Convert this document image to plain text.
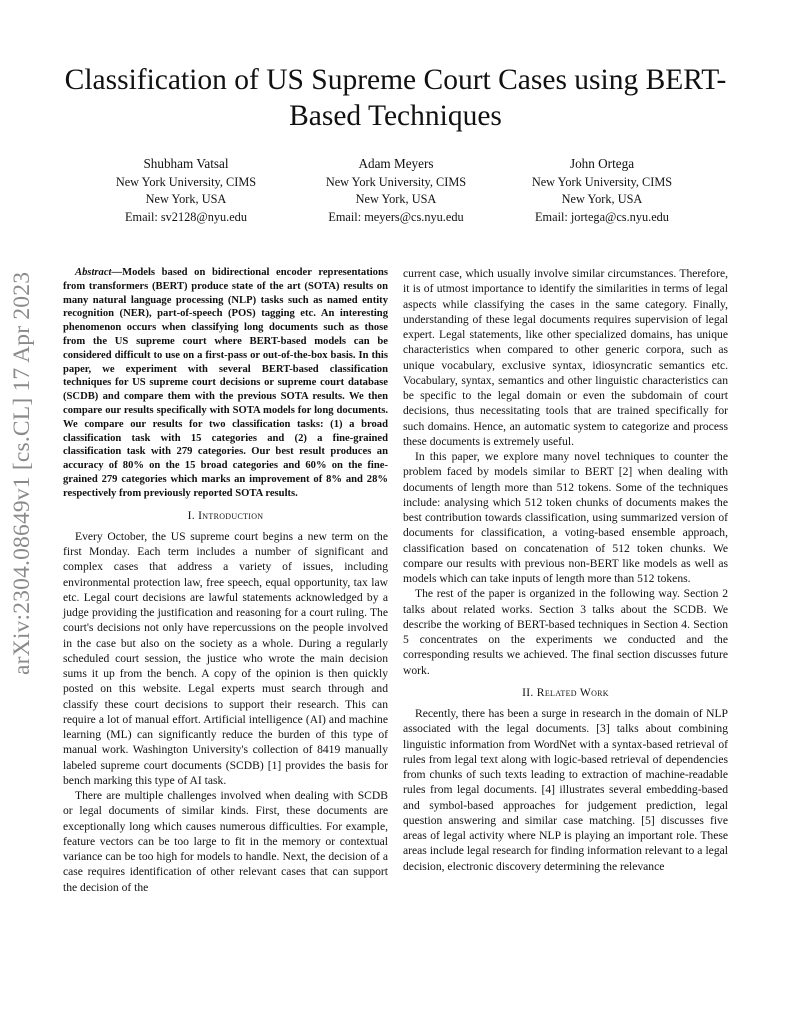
Classification of US Supreme Court Cases using BERT-Based Techniques
Shubham Vatsal
New York University, CIMS
New York, USA
Email: sv2128@nyu.edu
Adam Meyers
New York University, CIMS
New York, USA
Email: meyers@cs.nyu.edu
John Ortega
New York University, CIMS
New York, USA
Email: jortega@cs.nyu.edu
arXiv:2304.08649v1 [cs.CL] 17 Apr 2023	Abstract—Models based on bidirectional encoder representations from transformers (BERT) produce state of the art (SOTA) results on many natural language processing (NLP) tasks such as named entity recognition (NER), part-of-speech (POS) tagging etc. An interesting phenomenon occurs when classifying long documents such as those from the US supreme court where BERT-based models can be considered difficult to use on a first-pass or out-of-the-box basis. In this paper, we experiment with several BERT-based classification techniques for US supreme court decisions or supreme court database (SCDB) and compare them with the previous SOTA results. We then compare our results specifically with SOTA models for long documents. We compare our results for two classification tasks: (1) a broad classification task with 15 categories and (2) a fine-grained classification task with 279 categories. Our best result produces an accuracy of 80% on the 15 broad categories and 60% on the fine-grained 279 categories which marks an improvement of 8% and 28% respectively from previously reported SOTA results.

I. Introduction

Every October, the US supreme court begins a new term on the first Monday. Each term includes a number of significant and complex cases that address a variety of issues, including environmental protection law, free speech, equal opportunity, tax law etc. Legal court decisions are lawful statements acknowledged by a judge providing the justification and reasoning for a court ruling. The court's decisions not only have repercussions on the people involved in the case but also on the society as a whole. During a regularly scheduled court session, the justice who wrote the main decision sums it up from the bench. A copy of the opinion is then quickly posted on this website. Legal experts must search through and classify these court decisions to support their research. This can require a lot of manual effort. Artificial intelligence (AI) and machine learning (ML) can significantly reduce the burden of this type of manual work. Washington University's collection of 8419 manually labeled supreme court documents (SCDB) [1] provides the basis for bench marking this type of AI task.

There are multiple challenges involved when dealing with SCDB or legal documents of similar kinds. First, these documents are exceptionally long which causes numerous difficulties. For example, feature vectors can be too large to fit in the memory or contextual variance can be too high for models to handle. Next, the decision of a case requires identification of other relevant cases that can support the decision of the

current case, which usually involve similar circumstances. Therefore, it is of utmost importance to identify the similarities in terms of legal aspects while classifying the cases in the same category. Finally, understanding of these legal documents requires supervision of legal expert. Legal statements, like other specialized domains, has unique characteristics when compared to other generic corpora, such as unique vocabulary, exclusive syntax, idiosyncratic semantics etc. Vocabulary, syntax, semantics and other linguistic characteristics can be specific to the legal domain or even the subdomain of court decisions, thus necessitating tools that are trained specifically for such domains. Hence, an automatic system to categorize and process these documents is extremely useful.

In this paper, we explore many novel techniques to counter the problem faced by models similar to BERT [2] when dealing with documents of length more than 512 tokens. Some of the techniques include: analysing which 512 token chunks of documents makes the best contribution towards classification, using summarized version of documents for classification, a voting-based ensemble approach, classification based on concatenation of 512 token chunks. We compare our results with previous non-BERT like models as well as models which can take inputs of length more than 512 tokens.

The rest of the paper is organized in the following way. Section 2 talks about related works. Section 3 talks about the SCDB. We describe the working of BERT-based techniques in Section 4. Section 5 concentrates on the experiments we conducted and the corresponding results we achieved. The final section discusses future work.

II. Related Work

Recently, there has been a surge in research in the domain of NLP associated with the legal documents. [3] talks about combining linguistic information from WordNet with a syntax-based retrieval of rules from legal text along with logic-based retrieval of dependencies from chunks of such texts leading to extraction of machine-readable rules from legal documents. [4] illustrates several embedding-based and symbol-based approaches for judgement prediction, legal question answering and similar case matching. [5] discusses five areas of legal activity where NLP is playing an important role. These areas include legal research for finding information relevant to a legal decision, electronic discovery determining the relevance
